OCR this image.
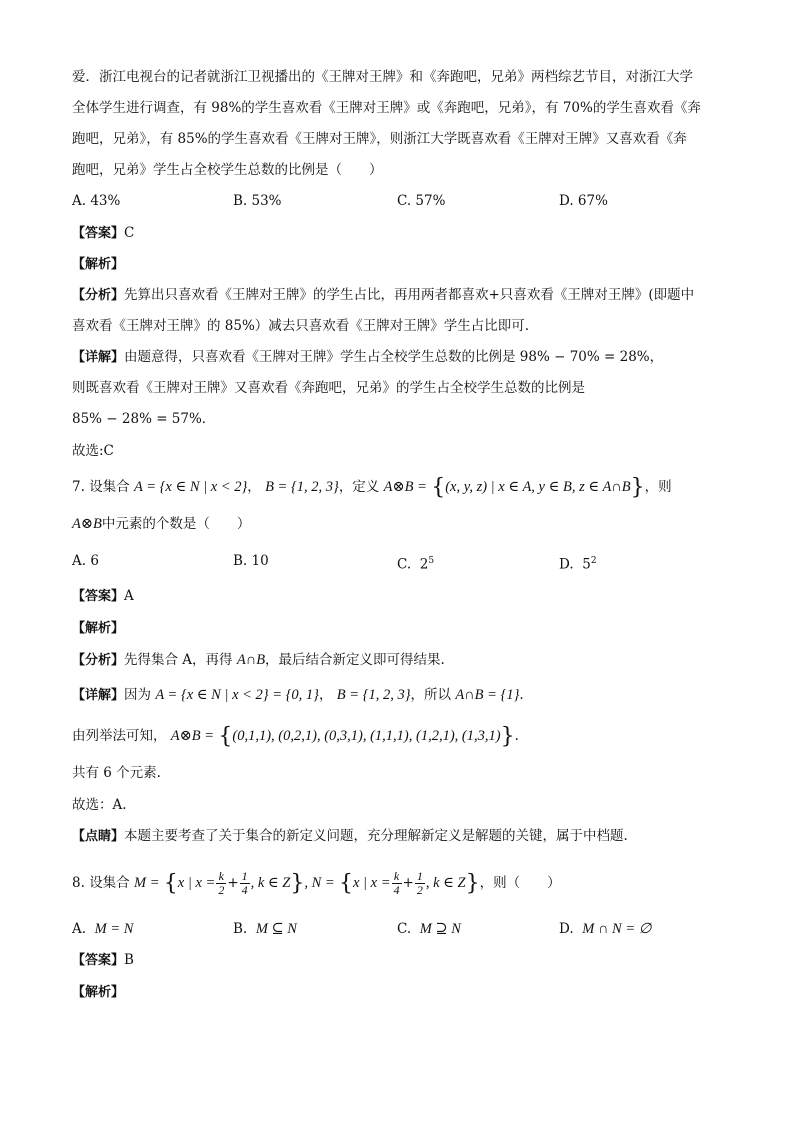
爱．浙江电视台的记者就浙江卫视播出的《王牌对王牌》和《奔跑吧，兄弟》两档综艺节目，对浙江大学
全体学生进行调查，有 98%的学生喜欢看《王牌对王牌》或《奔跑吧，兄弟》，有 70%的学生喜欢看《奔
跑吧，兄弟》，有 85%的学生喜欢看《王牌对王牌》，则浙江大学既喜欢看《王牌对王牌》又喜欢看《奔
跑吧，兄弟》学生占全校学生总数的比例是（　　）
A. 43%	B. 53%	C. 57%	D. 67%
【答案】C
【解析】
【分析】先算出只喜欢看《王牌对王牌》的学生占比，再用两者都喜欢+只喜欢看《王牌对王牌》(即题中
喜欢看《王牌对王牌》的 85%）减去只喜欢看《王牌对王牌》学生占比即可.
【详解】由题意得，只喜欢看《王牌对王牌》学生占全校学生总数的比例是 98% − 70% = 28%，
则既喜欢看《王牌对王牌》又喜欢看《奔跑吧，兄弟》的学生占全校学生总数的比例是
85% − 28% = 57%．
故选:C
7. 设集合 A = {x ∈ N | x < 2}， B = {1, 2, 3}，定义 A⊗B = {(x, y, z) | x ∈ A, y ∈ B, z ∈ A∩B}，则
A⊗B中元素的个数是（　　）
A. 6	B. 10	C. $2^5$	D. $5^2$
【答案】A
【解析】
【分析】先得集合 A，再得 A∩B，最后结合新定义即可得结果.
【详解】因为 A = {x ∈ N | x < 2} = {0, 1}， B = {1, 2, 3}，所以 A∩B = {1}.
由列举法可知， A⊗B = {(0,1,1), (0,2,1), (0,3,1), (1,1,1), (1,2,1), (1,3,1)}.
共有 6 个元素.
故选：A.
【点睛】本题主要考查了关于集合的新定义问题，充分理解新定义是解题的关键，属于中档题.
8. 设集合 M = {x | $x = \frac{k}{2} + \frac{1}{4}$ , k ∈ Z}, N = {x | $x = \frac{k}{4} + \frac{1}{2}$ , k ∈ Z}，则（　　）
A. M = N	B. M ⊆ N	C. M ⊇ N	D. M ∩ N = ∅
【答案】B
【解析】
